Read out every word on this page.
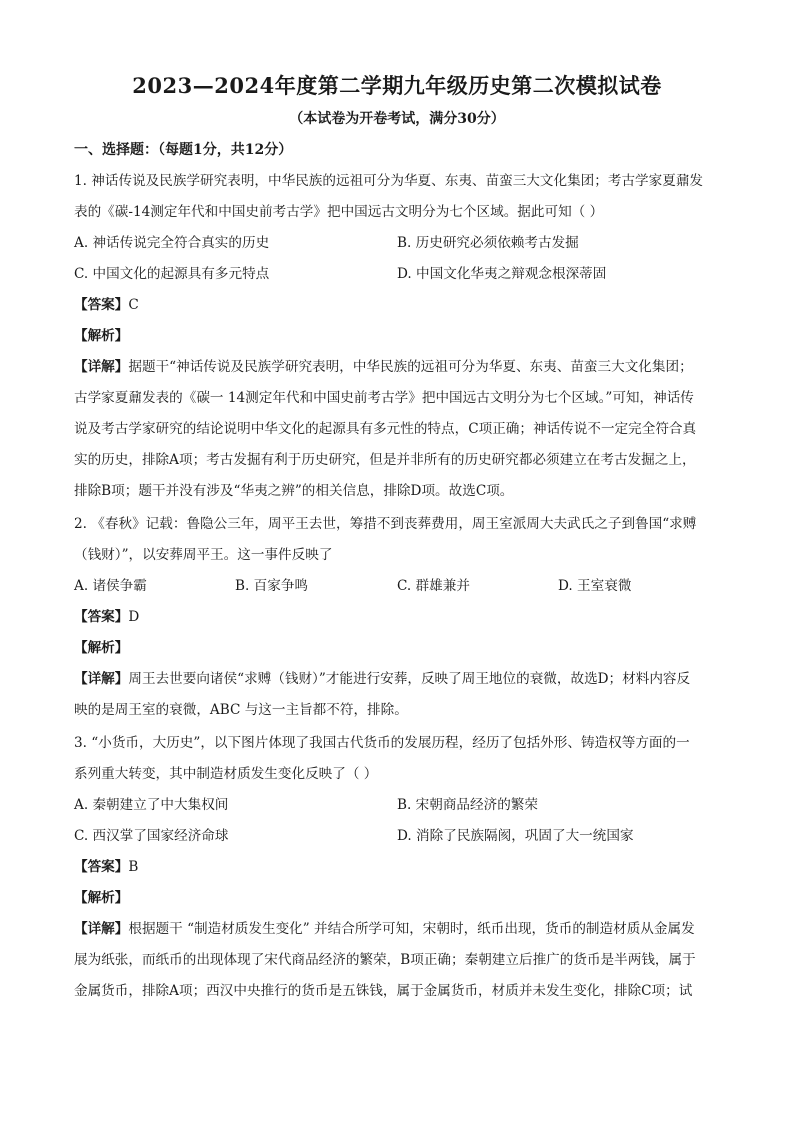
2023—2024年度第二学期九年级历史第二次模拟试卷
（本试卷为开卷考试，满分30分）
一、选择题：（每题1分，共12分）
1. 神话传说及民族学研究表明，中华民族的远祖可分为华夏、东夷、苗蛮三大文化集团；考古学家夏鼐发
表的《碳-14测定年代和中国史前考古学》把中国远古文明分为七个区域。据此可知（ ）
A. 神话传说完全符合真实的历史	B. 历史研究必须依赖考古发掘
C. 中国文化的起源具有多元特点	D. 中国文化华夷之辩观念根深蒂固
【答案】C
【解析】
【详解】据题干“神话传说及民族学研究表明，中华民族的远祖可分为华夏、东夷、苗蛮三大文化集团；
古学家夏鼐发表的《碳一 14测定年代和中国史前考古学》把中国远古文明分为七个区域。”可知，神话传
说及考古学家研究的结论说明中华文化的起源具有多元性的特点，C项正确；神话传说不一定完全符合真
实的历史，排除A项；考古发掘有利于历史研究，但是并非所有的历史研究都必须建立在考古发掘之上，
排除B项；题干并没有涉及“华夷之辨”的相关信息，排除D项。故选C项。
2. 《春秋》记载：鲁隐公三年，周平王去世，筹措不到丧葬费用，周王室派周大夫武氏之子到鲁国“求赙
（钱财）”，以安葬周平王。这一事件反映了
A. 诸侯争霸	B. 百家争鸣	C. 群雄兼并	D. 王室衰微
【答案】D
【解析】
【详解】周王去世要向诸侯“求赙（钱财）”才能进行安葬，反映了周王地位的衰微，故选D；材料内容反
映的是周王室的衰微，ABC 与这一主旨都不符，排除。
3. “小货币，大历史”，以下图片体现了我国古代货币的发展历程，经历了包括外形、铸造权等方面的一
系列重大转变，其中制造材质发生变化反映了（ ）
A. 秦朝建立了中大集权间	B. 宋朝商品经济的繁荣
C. 西汉掌了国家经济命球	D. 消除了民族隔阂，巩固了大一统国家
【答案】B
【解析】
【详解】根据题干 “制造材质发生变化” 并结合所学可知，宋朝时，纸币出现，货币的制造材质从金属发
展为纸张，而纸币的出现体现了宋代商品经济的繁荣，B项正确；秦朝建立后推广的货币是半两钱，属于
金属货币，排除A项；西汉中央推行的货币是五铢钱，属于金属货币，材质并未发生变化，排除C项；试
